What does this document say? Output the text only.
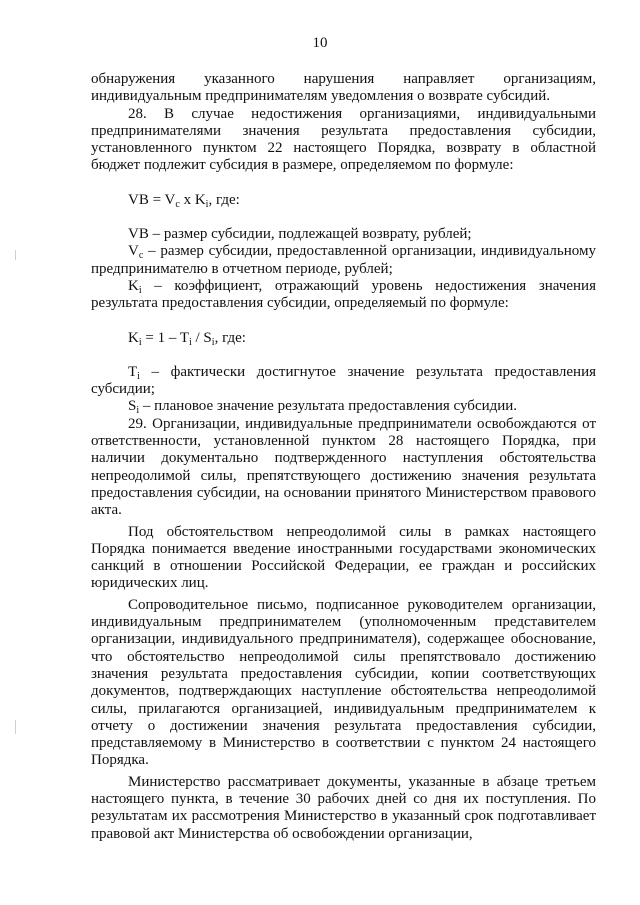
10

обнаружения указанного нарушения направляет организациям, индивидуальным предпринимателям уведомления о возврате субсидий.

28. В случае недостижения организациями, индивидуальными предпринимателями значения результата предоставления субсидии, установленного пунктом 22 настоящего Порядка, возврату в областной бюджет подлежит субсидия в размере, определяемом по формуле:

VB = $V_c$ x $K_i$, где:

VB – размер субсидии, подлежащей возврату, рублей;

$V_c$ – размер субсидии, предоставленной организации, индивидуальному предпринимателю в отчетном периоде, рублей;

$K_i$ – коэффициент, отражающий уровень недостижения значения результата предоставления субсидии, определяемый по формуле:

$K_i = 1 - T_i / S_i$, где:

$T_i$ – фактически достигнутое значение результата предоставления субсидии;

$S_i$ – плановое значение результата предоставления субсидии.

29. Организации, индивидуальные предприниматели освобождаются от ответственности, установленной пунктом 28 настоящего Порядка, при наличии документально подтвержденного наступления обстоятельства непреодолимой силы, препятствующего достижению значения результата предоставления субсидии, на основании принятого Министерством правового акта.

Под обстоятельством непреодолимой силы в рамках настоящего Порядка понимается введение иностранными государствами экономических санкций в отношении Российской Федерации, ее граждан и российских юридических лиц.

Сопроводительное письмо, подписанное руководителем организации, индивидуальным предпринимателем (уполномоченным представителем организации, индивидуального предпринимателя), содержащее обоснование, что обстоятельство непреодолимой силы препятствовало достижению значения результата предоставления субсидии, копии соответствующих документов, подтверждающих наступление обстоятельства непреодолимой силы, прилагаются организацией, индивидуальным предпринимателем к отчету о достижении значения результата предоставления субсидии, представляемому в Министерство в соответствии с пунктом 24 настоящего Порядка.

Министерство рассматривает документы, указанные в абзаце третьем настоящего пункта, в течение 30 рабочих дней со дня их поступления. По результатам их рассмотрения Министерство в указанный срок подготавливает правовой акт Министерства об освобождении организации,
